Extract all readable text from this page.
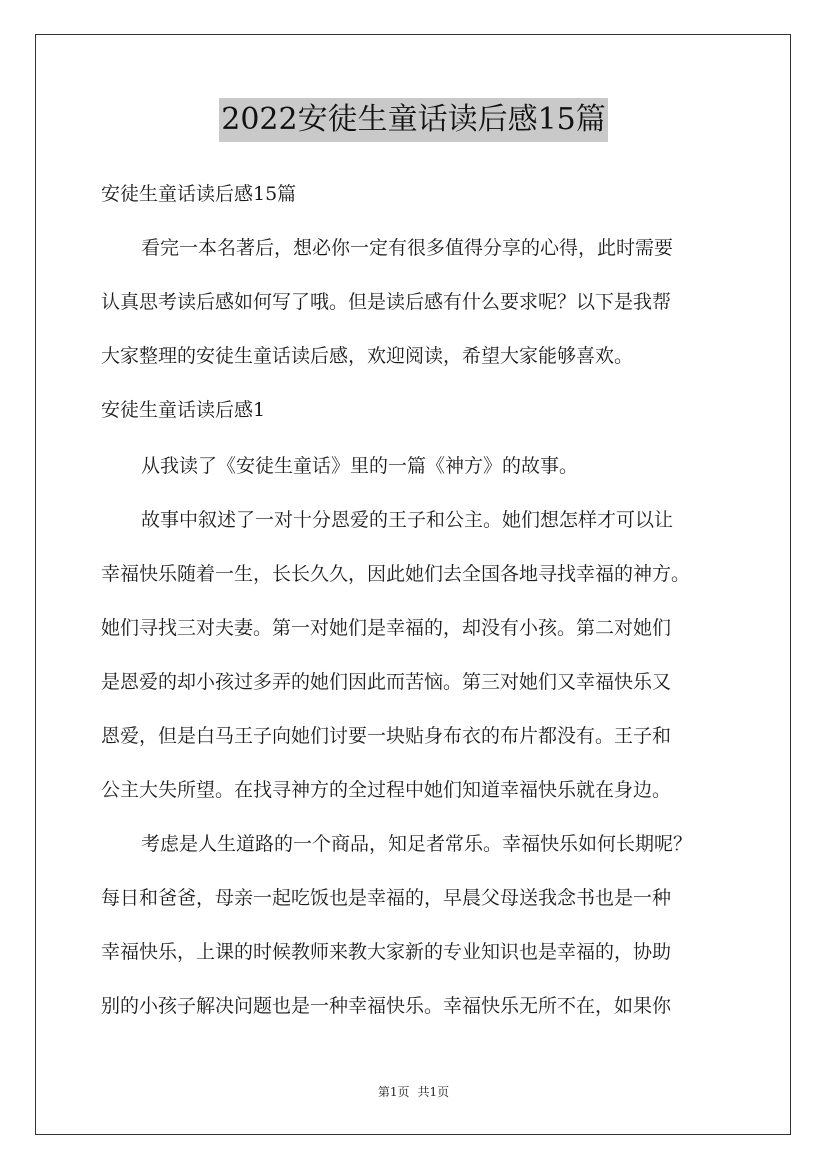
2022安徒生童话读后感15篇
安徒生童话读后感15篇
看完一本名著后，想必你一定有很多值得分享的心得，此时需要
认真思考读后感如何写了哦。但是读后感有什么要求呢？以下是我帮
大家整理的安徒生童话读后感，欢迎阅读，希望大家能够喜欢。
安徒生童话读后感1
从我读了《安徒生童话》里的一篇《神方》的故事。
故事中叙述了一对十分恩爱的王子和公主。她们想怎样才可以让
幸福快乐随着一生，长长久久，因此她们去全国各地寻找幸福的神方。
她们寻找三对夫妻。第一对她们是幸福的，却没有小孩。第二对她们
是恩爱的却小孩过多弄的她们因此而苦恼。第三对她们又幸福快乐又
恩爱，但是白马王子向她们讨要一块贴身布衣的布片都没有。王子和
公主大失所望。在找寻神方的全过程中她们知道幸福快乐就在身边。
考虑是人生道路的一个商品，知足者常乐。幸福快乐如何长期呢？
每日和爸爸，母亲一起吃饭也是幸福的，早晨父母送我念书也是一种
幸福快乐，上课的时候教师来教大家新的专业知识也是幸福的，协助
别的小孩子解决问题也是一种幸福快乐。幸福快乐无所不在，如果你
第1页 共1页
